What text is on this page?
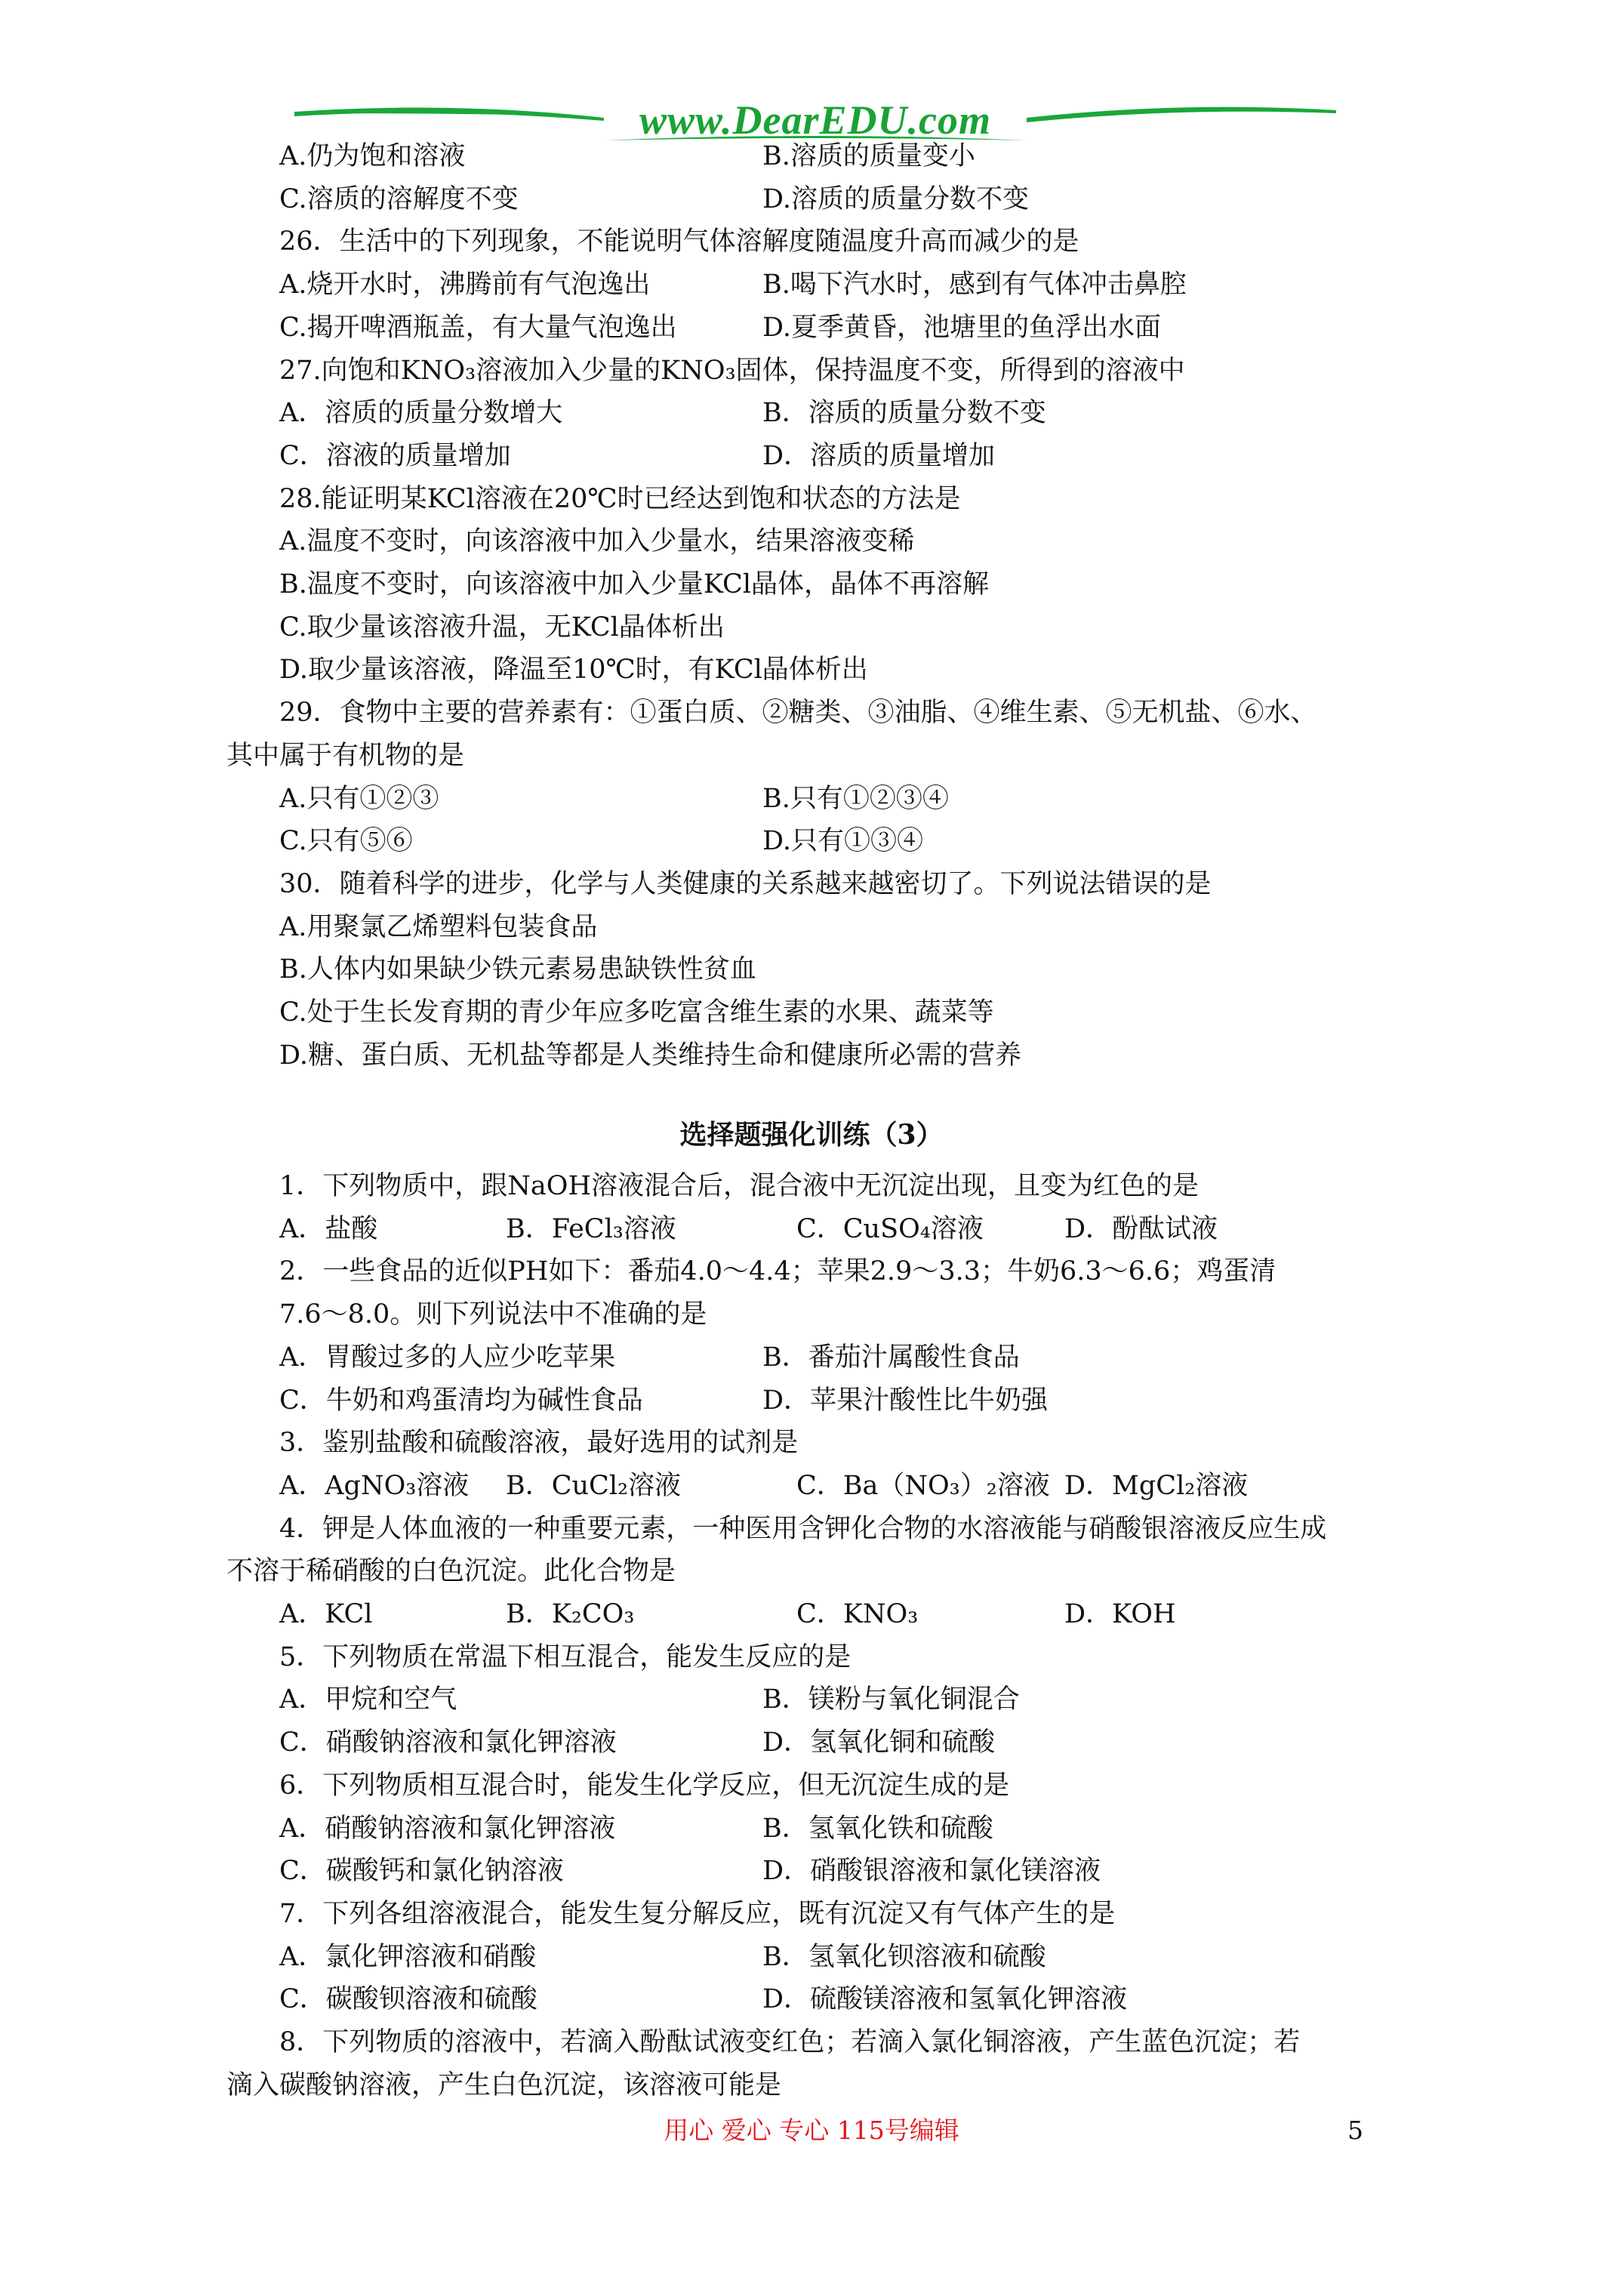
www.DearEDU.com
A.仍为饱和溶液	B.溶质的质量变小
C.溶质的溶解度不变	D.溶质的质量分数不变
26．生活中的下列现象，不能说明气体溶解度随温度升高而减少的是
A.烧开水时，沸腾前有气泡逸出	B.喝下汽水时，感到有气体冲击鼻腔
C.揭开啤酒瓶盖，有大量气泡逸出	D.夏季黄昏，池塘里的鱼浮出水面
27.向饱和KNO₃溶液加入少量的KNO₃固体，保持温度不变，所得到的溶液中
A．溶质的质量分数增大	B．溶质的质量分数不变
C．溶液的质量增加	D．溶质的质量增加
28.能证明某KCl溶液在20℃时已经达到饱和状态的方法是
A.温度不变时，向该溶液中加入少量水，结果溶液变稀
B.温度不变时，向该溶液中加入少量KCl晶体，晶体不再溶解
C.取少量该溶液升温，无KCl晶体析出
D.取少量该溶液，降温至10℃时，有KCl晶体析出
29．食物中主要的营养素有：①蛋白质、②糖类、③油脂、④维生素、⑤无机盐、⑥水、
其中属于有机物的是
A.只有①②③	B.只有①②③④
C.只有⑤⑥	D.只有①③④
30．随着科学的进步，化学与人类健康的关系越来越密切了。下列说法错误的是
A.用聚氯乙烯塑料包装食品
B.人体内如果缺少铁元素易患缺铁性贫血
C.处于生长发育期的青少年应多吃富含维生素的水果、蔬菜等
D.糖、蛋白质、无机盐等都是人类维持生命和健康所必需的营养
选择题强化训练（3）
1．下列物质中，跟NaOH溶液混合后，混合液中无沉淀出现，且变为红色的是
A．盐酸	B．FeCl₃溶液	C．CuSO₄溶液	D．酚酞试液
2．一些食品的近似PH如下：番茄4.0～4.4；苹果2.9～3.3；牛奶6.3～6.6；鸡蛋清
7.6～8.0。则下列说法中不准确的是
A．胃酸过多的人应少吃苹果	B．番茄汁属酸性食品
C．牛奶和鸡蛋清均为碱性食品	D．苹果汁酸性比牛奶强
3．鉴别盐酸和硫酸溶液，最好选用的试剂是
A．AgNO₃溶液 B．CuCl₂溶液	C．Ba（NO₃）₂溶液 D．MgCl₂溶液
4．钾是人体血液的一种重要元素，一种医用含钾化合物的水溶液能与硝酸银溶液反应生成
不溶于稀硝酸的白色沉淀。此化合物是
A．KCl	B．K₂CO₃	C．KNO₃	D．KOH
5．下列物质在常温下相互混合，能发生反应的是
A．甲烷和空气	B．镁粉与氧化铜混合
C．硝酸钠溶液和氯化钾溶液	D．氢氧化铜和硫酸
6．下列物质相互混合时，能发生化学反应，但无沉淀生成的是
A．硝酸钠溶液和氯化钾溶液	B．氢氧化铁和硫酸
C．碳酸钙和氯化钠溶液	D．硝酸银溶液和氯化镁溶液
7．下列各组溶液混合，能发生复分解反应，既有沉淀又有气体产生的是
A．氯化钾溶液和硝酸	B．氢氧化钡溶液和硫酸
C．碳酸钡溶液和硫酸	D．硫酸镁溶液和氢氧化钾溶液
8．下列物质的溶液中，若滴入酚酞试液变红色；若滴入氯化铜溶液，产生蓝色沉淀；若
滴入碳酸钠溶液，产生白色沉淀，该溶液可能是
用心 爱心 专心 115号编辑	5
